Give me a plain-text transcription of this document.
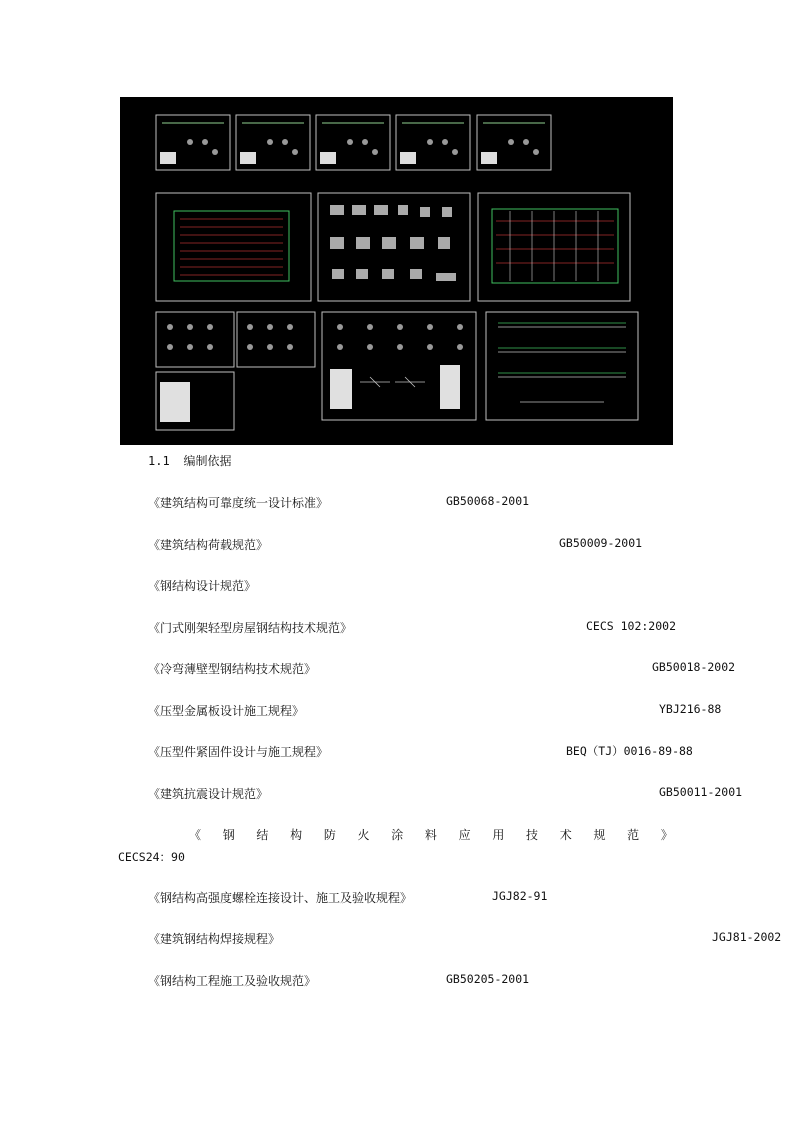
1.1 编制依据
《建筑结构可靠度统一设计标准》	GB50068-2001
《建筑结构荷载规范》	GB50009-2001
《钢结构设计规范》
《门式刚架轻型房屋钢结构技术规范》	CECS 102:2002
《冷弯薄壁型钢结构技术规范》	GB50018-2002
《压型金属板设计施工规程》	YBJ216-88
《压型件紧固件设计与施工规程》	BEQ（TJ）0016-89-88
《建筑抗震设计规范》	GB50011-2001
《 钢 结 构 防 火 涂 料 应 用 技 术 规 范 》
CECS24：90
《钢结构高强度螺栓连接设计、施工及验收规程》	JGJ82-91
《建筑钢结构焊接规程》	JGJ81-2002
《钢结构工程施工及验收规范》	GB50205-2001
